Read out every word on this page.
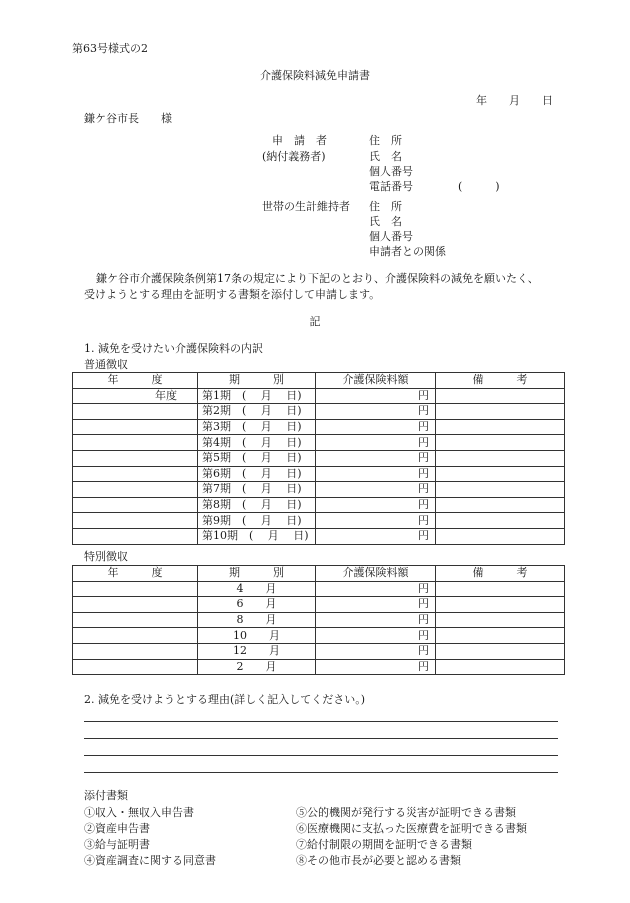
第63号様式の2
介護保険料減免申請書
年　　月　　日
鎌ケ谷市長　　様
申　請　者
(納付義務者)
住　所
氏　名
個人番号
電話番号	(　　　)
世帯の生計維持者 住　所
氏　名
個人番号
申請者との関係
鎌ケ谷市介護保険条例第17条の規定により下記のとおり、介護保険料の減免を願いたく、
受けようとする理由を証明する書類を添付して申請します。
記
1. 減免を受けたい介護保険料の内訳
普通徴収
年　　　度	期　　　別	介護保険料額	備　　　考
年度	第1期　(　 月　 日)	円	
	第2期　(　 月　 日)	円	
	第3期　(　 月　 日)	円	
	第4期　(　 月　 日)	円	
	第5期　(　 月　 日)	円	
	第6期　(　 月　 日)	円	
	第7期　(　 月　 日)	円	
	第8期　(　 月　 日)	円	
	第9期　(　 月　 日)	円	
	第10期　(　 月　 日)	円	
特別徴収
年　　　度	期　　　別	介護保険料額	備　　　考
	4　　月	円	
	6　　月	円	
	8　　月	円	
	10　　月	円	
	12　　月	円	
	2　　月	円	
2. 減免を受けようとする理由(詳しく記入してください。)
添付書類
①収入・無収入申告書
②資産申告書
③給与証明書
④資産調査に関する同意書
⑤公的機関が発行する災害が証明できる書類
⑥医療機関に支払った医療費を証明できる書類
⑦給付制限の期間を証明できる書類
⑧その他市長が必要と認める書類
